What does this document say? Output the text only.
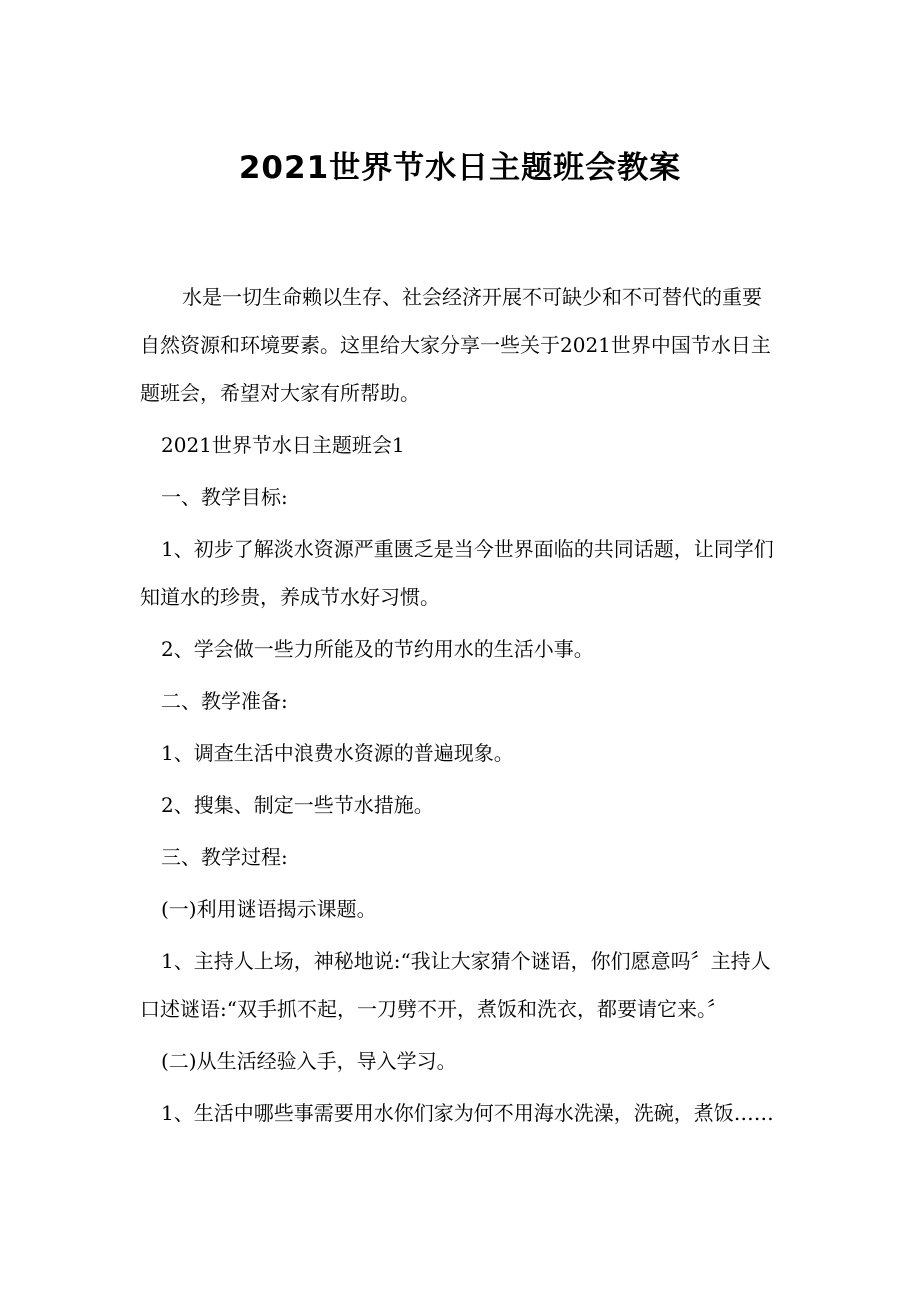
2021世界节水日主题班会教案

水是一切生命赖以生存、社会经济开展不可缺少和不可替代的重要自然资源和环境要素。这里给大家分享一些关于2021世界中国节水日主题班会，希望对大家有所帮助。

2021世界节水日主题班会1

一、教学目标:

1、初步了解淡水资源严重匮乏是当今世界面临的共同话题，让同学们知道水的珍贵，养成节水好习惯。

2、学会做一些力所能及的节约用水的生活小事。

二、教学准备:

1、调查生活中浪费水资源的普遍现象。

2、搜集、制定一些节水措施。

三、教学过程:

(一)利用谜语揭示课题。

1、主持人上场，神秘地说:“我让大家猜个谜语，你们愿意吗〞主持人口述谜语:“双手抓不起，一刀劈不开，煮饭和洗衣，都要请它来。〞

(二)从生活经验入手，导入学习。

1、生活中哪些事需要用水你们家为何不用海水洗澡，洗碗，煮饭……
